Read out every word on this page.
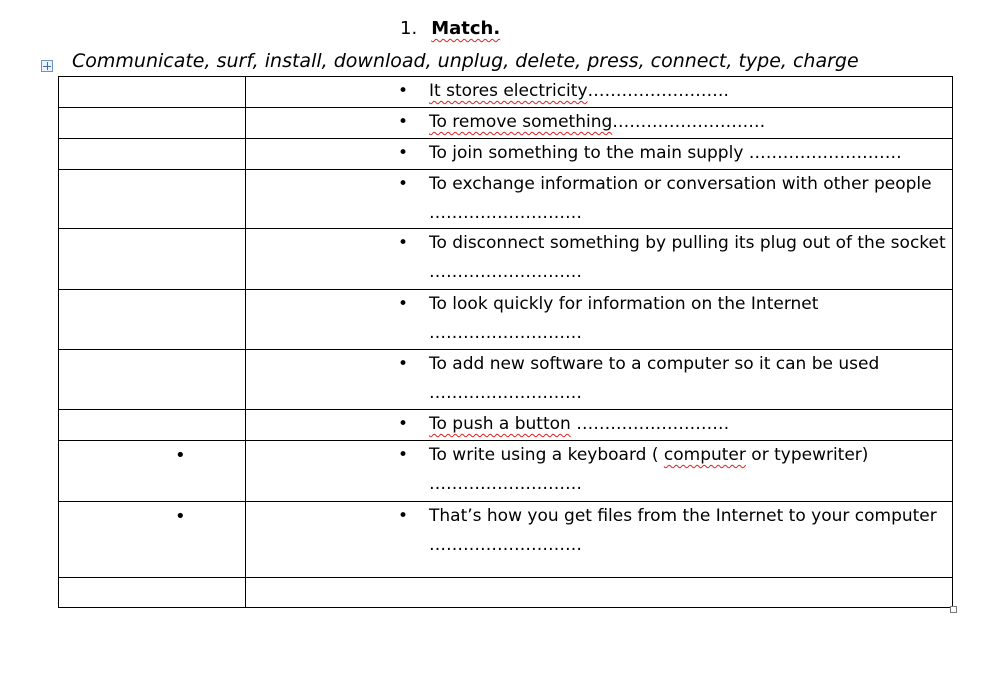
1. Match.
Communicate, surf, install, download, unplug, delete, press, connect, type, charge

	• It stores electricity…………………….

	• To remove something………………………

	• To join something to the main supply ………………………

	• To exchange information or conversation with other people ………………………

	• To disconnect something by pulling its plug out of the socket ………………………

	• To look quickly for information on the Internet ………………………

	• To add new software to a computer so it can be used ………………………

	• To push a button ………………………

•	• To write using a keyboard ( computer or typewriter) ………………………

•	• That’s how you get files from the Internet to your computer ………………………
